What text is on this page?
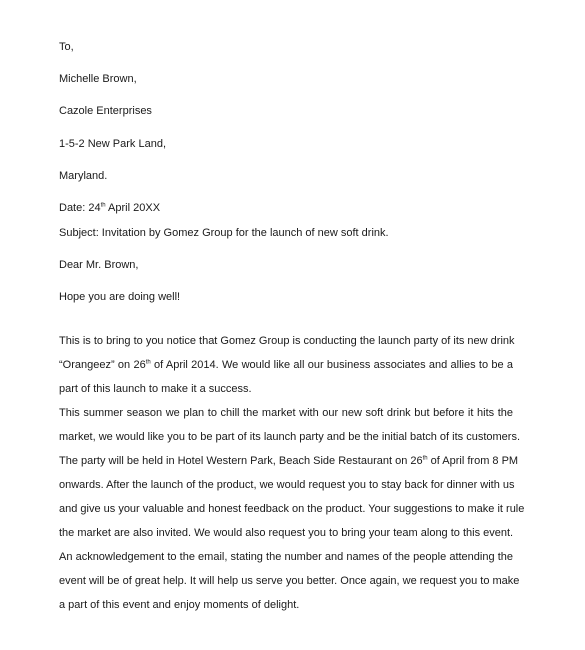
To,
Michelle Brown,
Cazole Enterprises
1-5-2 New Park Land,
Maryland.
Date: 24th April 20XX
Subject: Invitation by Gomez Group for the launch of new soft drink.
Dear Mr. Brown,
Hope you are doing well!
This is to bring to you notice that Gomez Group is conducting the launch party of its new drink
“Orangeez” on 26th of April 2014. We would like all our business associates and allies to be a
part of this launch to make it a success.
This summer season we plan to chill the market with our new soft drink but before it hits the
market, we would like you to be part of its launch party and be the initial batch of its customers.
The party will be held in Hotel Western Park, Beach Side Restaurant on 26th of April from 8 PM
onwards. After the launch of the product, we would request you to stay back for dinner with us
and give us your valuable and honest feedback on the product. Your suggestions to make it rule
the market are also invited. We would also request you to bring your team along to this event.
An acknowledgement to the email, stating the number and names of the people attending the
event will be of great help. It will help us serve you better. Once again, we request you to make
a part of this event and enjoy moments of delight.
